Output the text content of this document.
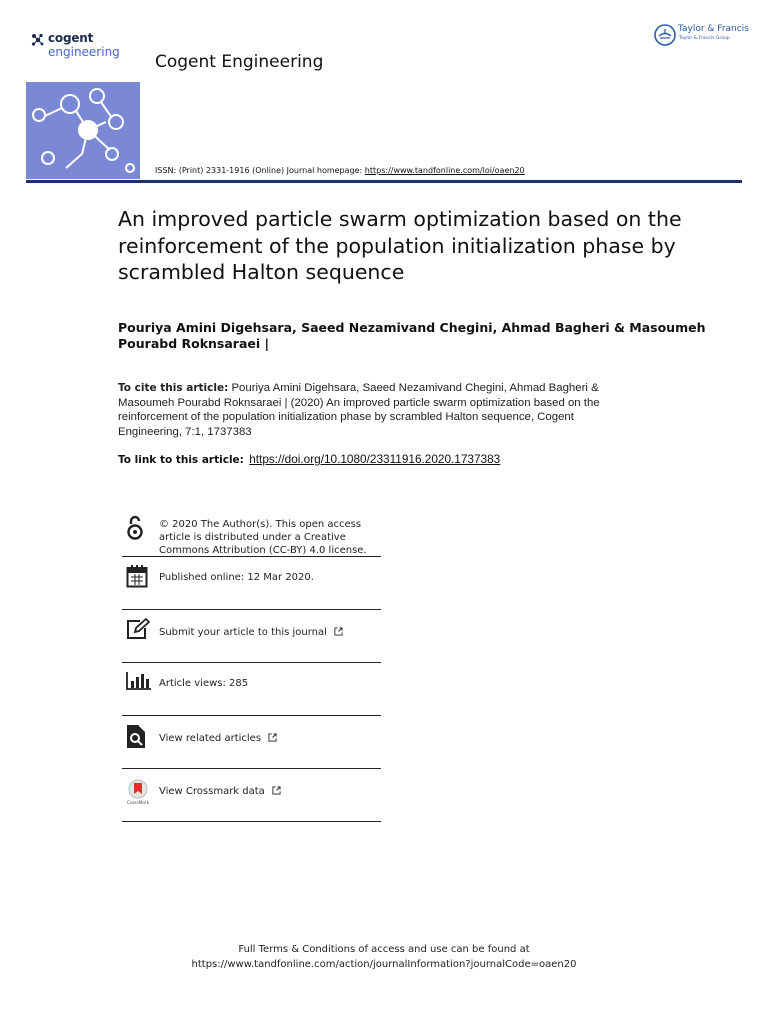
cogent
engineering Cogent Engineering
Taylor & Francis
Taylor & Francis Group
ISSN: (Print) 2331-1916 (Online) Journal homepage: https://www.tandfonline.com/loi/oaen20
An improved particle swarm optimization based on the reinforcement of the population initialization phase by scrambled Halton sequence
Pouriya Amini Digehsara, Saeed Nezamivand Chegini, Ahmad Bagheri & Masoumeh Pourabd Roknsaraei |
To cite this article: Pouriya Amini Digehsara, Saeed Nezamivand Chegini, Ahmad Bagheri & Masoumeh Pourabd Roknsaraei | (2020) An improved particle swarm optimization based on the reinforcement of the population initialization phase by scrambled Halton sequence, Cogent Engineering, 7:1, 1737383
To link to this article: https://doi.org/10.1080/23311916.2020.1737383
© 2020 The Author(s). This open access article is distributed under a Creative Commons Attribution (CC-BY) 4.0 license.
Published online: 12 Mar 2020.
Submit your article to this journal
Article views: 285
View related articles
CrossMark
View Crossmark data
Full Terms & Conditions of access and use can be found at
https://www.tandfonline.com/action/journalInformation?journalCode=oaen20
